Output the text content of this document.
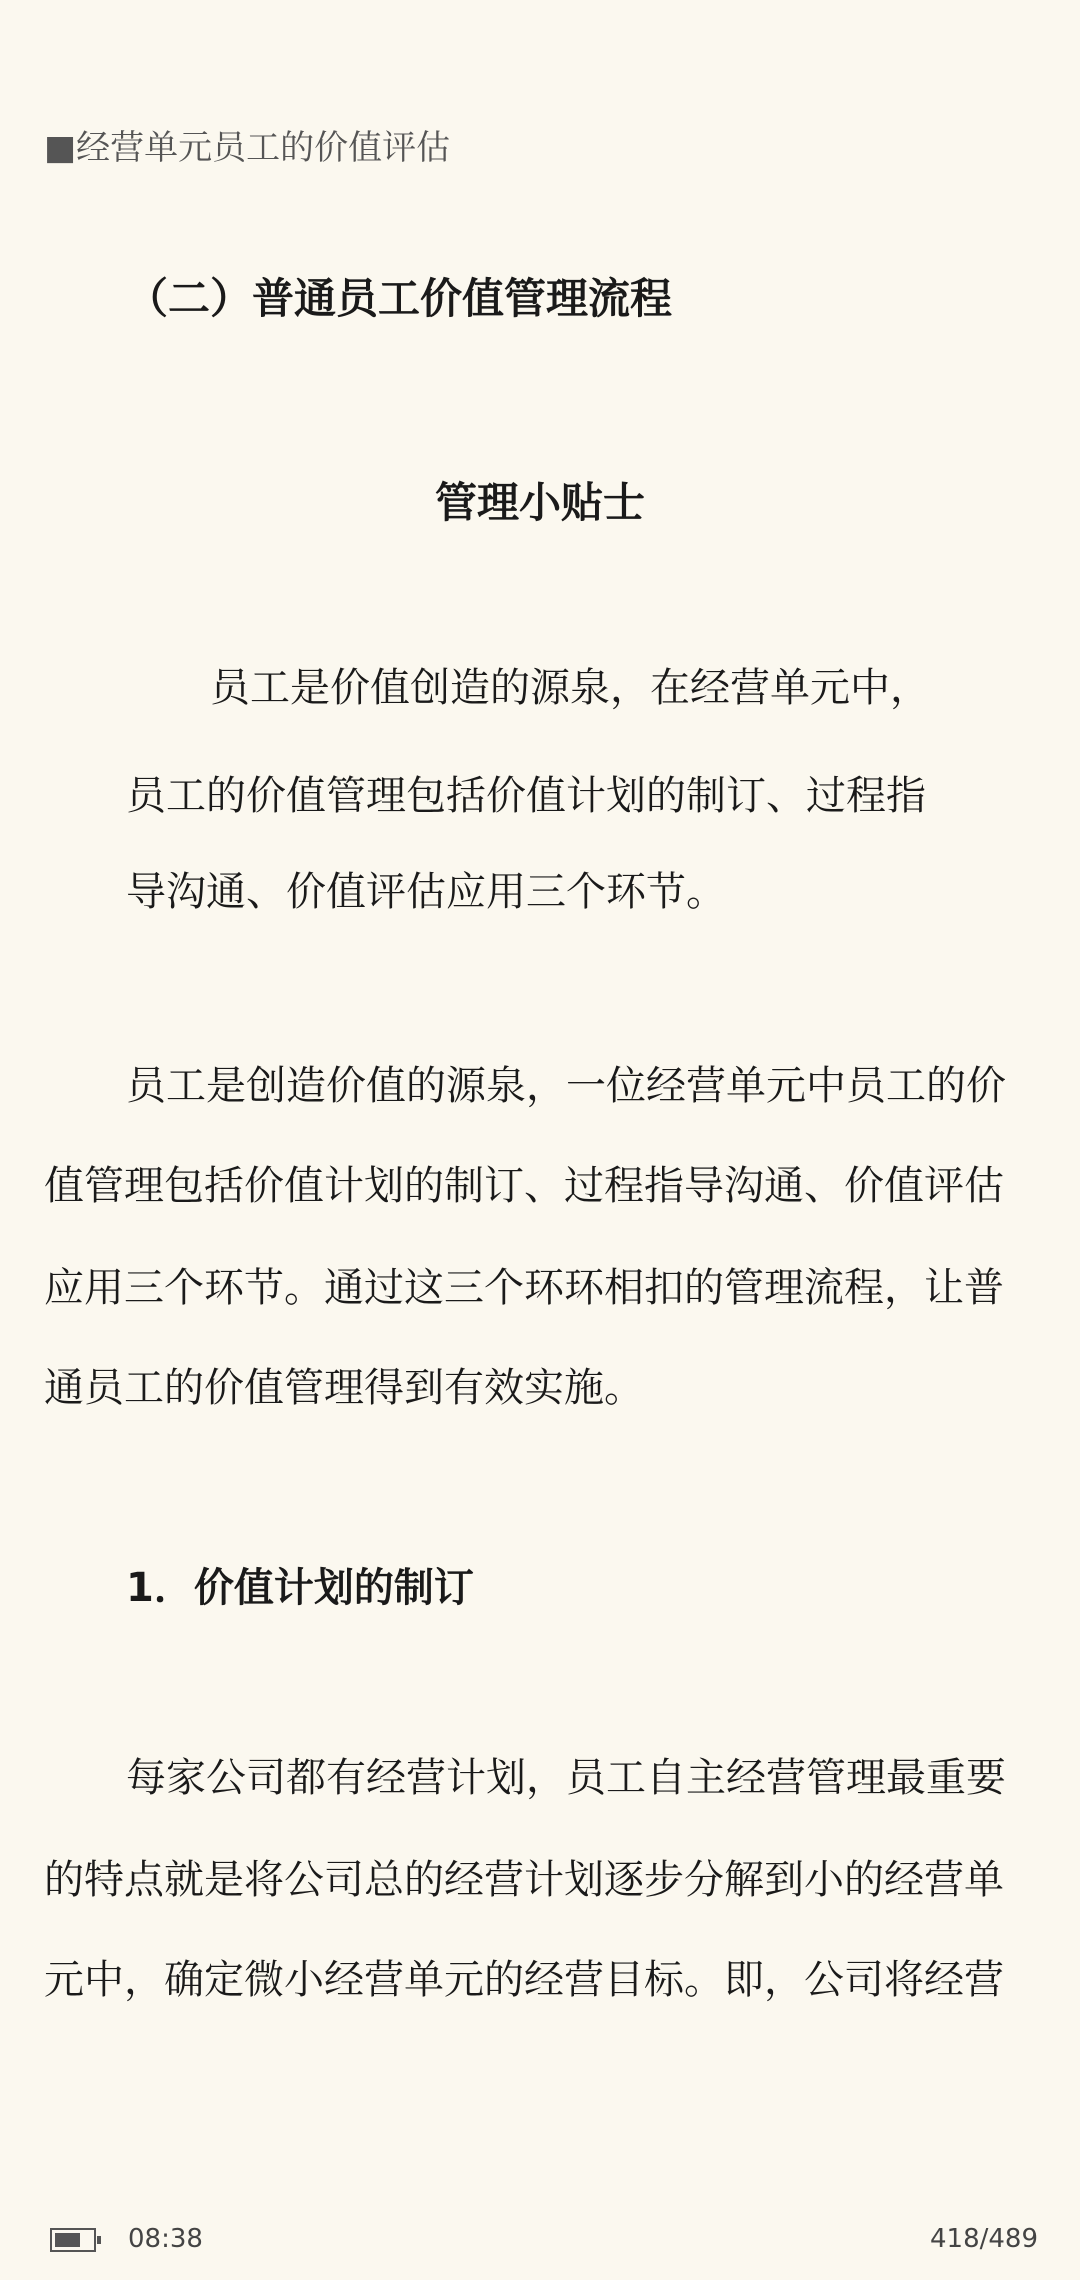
■经营单元员工的价值评估
（二）普通员工价值管理流程
管理小贴士
员工是价值创造的源泉，在经营单元中，
员工的价值管理包括价值计划的制订、过程指
导沟通、价值评估应用三个环节。
员工是创造价值的源泉，一位经营单元中员工的价
值管理包括价值计划的制订、过程指导沟通、价值评估
应用三个环节。通过这三个环环相扣的管理流程，让普
通员工的价值管理得到有效实施。
1．价值计划的制订
每家公司都有经营计划，员工自主经营管理最重要
的特点就是将公司总的经营计划逐步分解到小的经营单
元中，确定微小经营单元的经营目标。即，公司将经营
08:38	418/489
